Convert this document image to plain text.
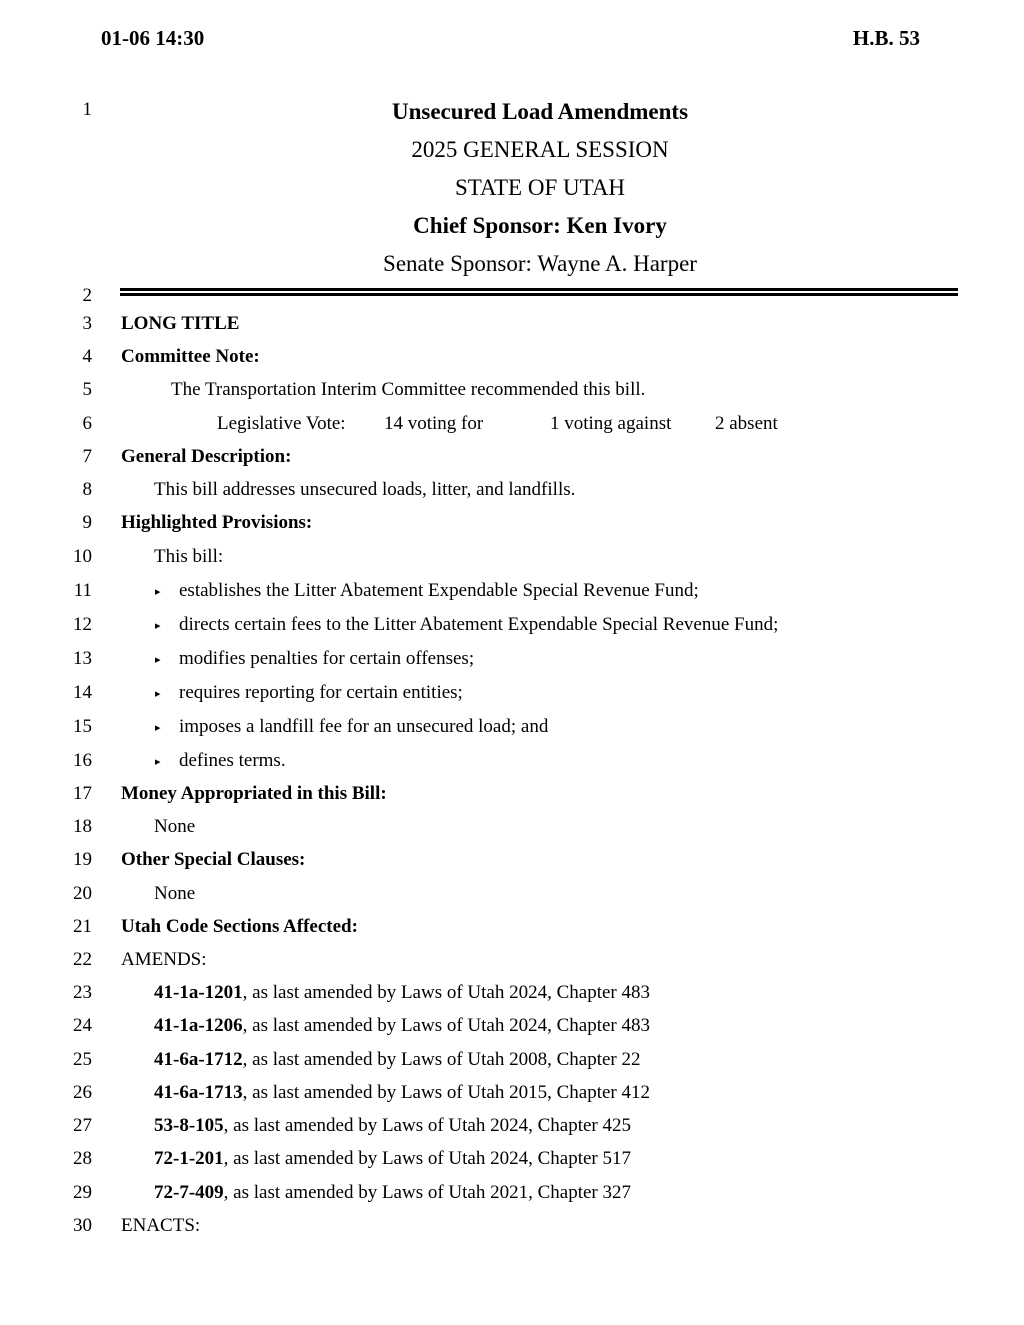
01-06 14:30	H.B. 53
1
2
3
4
5
6
7
8
9
10
11
12
13
14
15
16
17
18
19
20
21
22
23
24
25
26
27
28
29
30
Unsecured Load Amendments
2025 GENERAL SESSION
STATE OF UTAH
Chief Sponsor: Ken Ivory
Senate Sponsor: Wayne A. Harper
LONG TITLE
Committee Note:
The Transportation Interim Committee recommended this bill.
Legislative Vote: 14 voting for	1 voting against 2 absent
General Description:
This bill addresses unsecured loads, litter, and landfills.
Highlighted Provisions:
This bill:
▸ establishes the Litter Abatement Expendable Special Revenue Fund;
▸ directs certain fees to the Litter Abatement Expendable Special Revenue Fund;
▸ modifies penalties for certain offenses;
▸ requires reporting for certain entities;
▸ imposes a landfill fee for an unsecured load; and
▸ defines terms.
Money Appropriated in this Bill:
None
Other Special Clauses:
None
Utah Code Sections Affected:
AMENDS:
41-1a-1201, as last amended by Laws of Utah 2024, Chapter 483
41-1a-1206, as last amended by Laws of Utah 2024, Chapter 483
41-6a-1712, as last amended by Laws of Utah 2008, Chapter 22
41-6a-1713, as last amended by Laws of Utah 2015, Chapter 412
53-8-105, as last amended by Laws of Utah 2024, Chapter 425
72-1-201, as last amended by Laws of Utah 2024, Chapter 517
72-7-409, as last amended by Laws of Utah 2021, Chapter 327
ENACTS:
